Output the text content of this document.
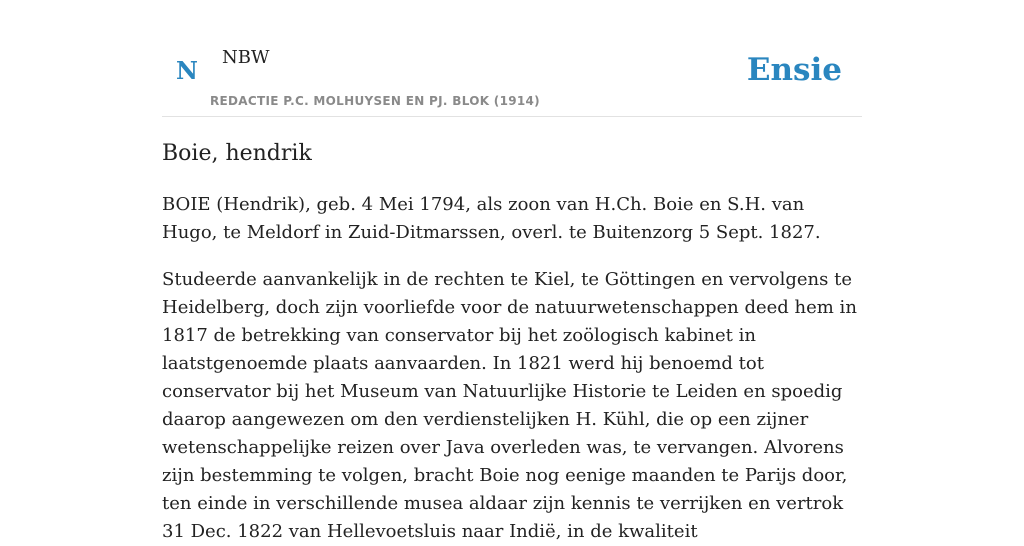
N NBW
REDACTIE P.C. MOLHUYSEN EN PJ. BLOK (1914)
Ensie
Boie, hendrik

BOIE (Hendrik), geb. 4 Mei 1794, als zoon van H.Ch. Boie en S.H. van Hugo, te Meldorf in Zuid-Ditmarssen, overl. te Buitenzorg 5 Sept. 1827.

Studeerde aanvankelijk in de rechten te Kiel, te Göttingen en vervolgens te Heidelberg, doch zijn voorliefde voor de natuurwetenschappen deed hem in 1817 de betrekking van conservator bij het zoölogisch kabinet in laatstgenoemde plaats aanvaarden. In 1821 werd hij benoemd tot conservator bij het Museum van Natuurlijke Historie te Leiden en spoedig daarop aangewezen om den verdienstelijken H. Kühl, die op een zijner wetenschappelijke reizen over Java overleden was, te vervangen. Alvorens zijn bestemming te volgen, bracht Boie nog eenige maanden te Parijs door, ten einde in verschillende musea aldaar zijn kennis te verrijken en vertrok 31 Dec. 1822 van Hellevoetsluis naar Indië, in de kwaliteit
